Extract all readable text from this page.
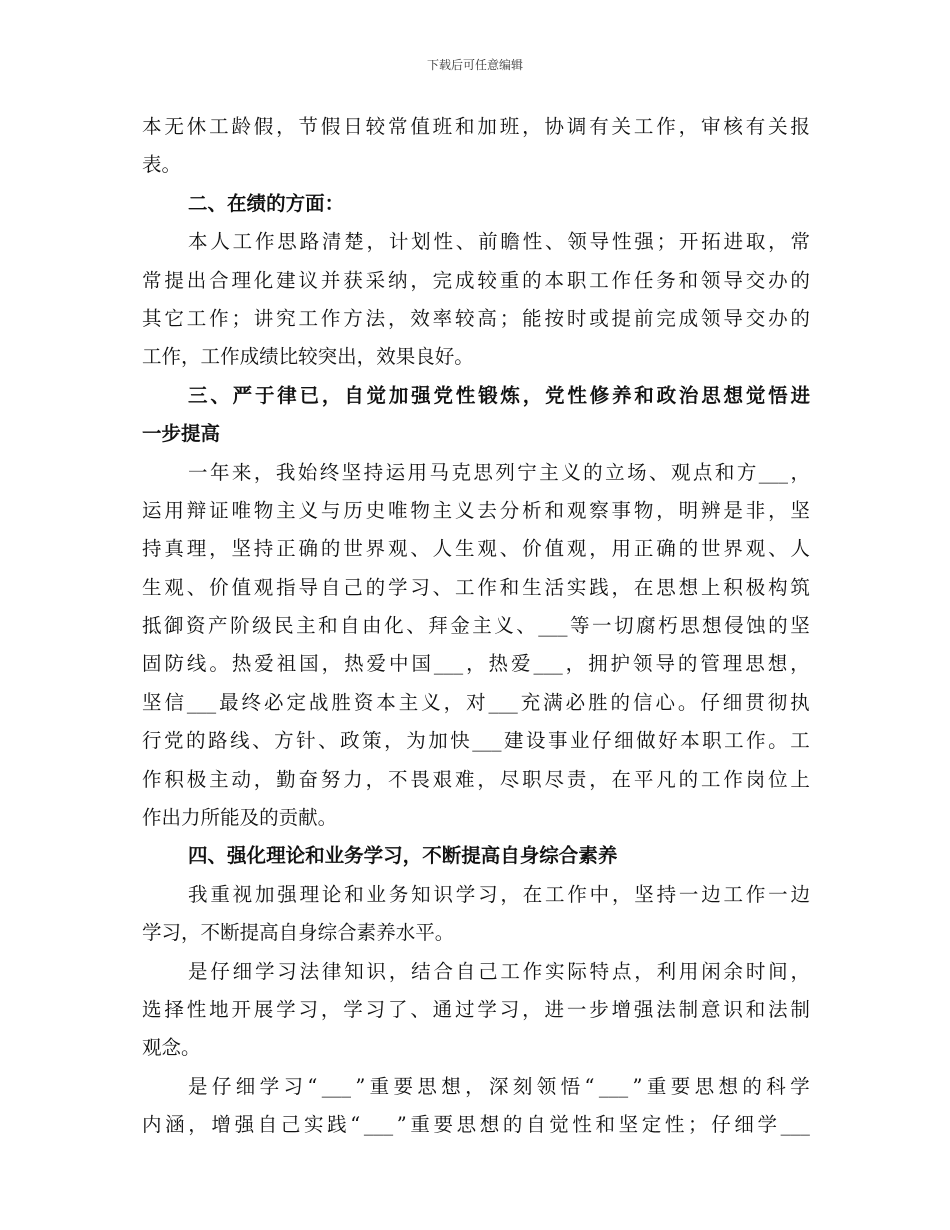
下载后可任意编辑
本 无 休 工 龄 假 ， 节 假 日 较 常 值 班 和 加 班 ， 协 调 有 关 工 作 ， 审 核 有 关 报
表 。
二 、 在 绩 的 方 面 ：
本 人 工 作 思 路 清 楚 ， 计 划 性 、 前 瞻 性 、 领 导 性 强 ； 开 拓 进 取 ， 常
常 提 出 合 理 化 建 议 并 获 采 纳 ， 完 成 较 重 的 本 职 工 作 任 务 和 领 导 交 办 的
其 它 工 作 ； 讲 究 工 作 方 法 ， 效 率 较 高 ； 能 按 时 或 提 前 完 成 领 导 交 办 的
工 作 ， 工 作 成 绩 比 较 突 出 ， 效 果 良 好 。
三 、 严 于 律 已 ， 自 觉 加 强 党 性 锻 炼 ， 党 性 修 养 和 政 治 思 想 觉 悟 进
一 步 提 高
一 年 来 ， 我 始 终 坚 持 运 用 马 克 思 列 宁 主 义 的 立 场 、 观 点 和 方 ___ ，
运 用 辩 证 唯 物 主 义 与 历 史 唯 物 主 义 去 分 析 和 观 察 事 物 ， 明 辨 是 非 ， 坚
持 真 理 ， 坚 持 正 确 的 世 界 观 、 人 生 观 、 价 值 观 ， 用 正 确 的 世 界 观 、 人
生 观 、 价 值 观 指 导 自 己 的 学 习 、 工 作 和 生 活 实 践 ， 在 思 想 上 积 极 构 筑
抵 御 资 产 阶 级 民 主 和 自 由 化 、 拜 金 主 义 、 ___ 等 一 切 腐 朽 思 想 侵 蚀 的 坚
固 防 线 。 热 爱 祖 国 ， 热 爱 中 国 ___ ， 热 爱 ___ ， 拥 护 领 导 的 管 理 思 想 ，
坚 信 ___ 最 终 必 定 战 胜 资 本 主 义 ， 对 ___ 充 满 必 胜 的 信 心 。 仔 细 贯 彻 执
行 党 的 路 线 、 方 针 、 政 策 ， 为 加 快 ___ 建 设 事 业 仔 细 做 好 本 职 工 作 。 工
作 积 极 主 动 ， 勤 奋 努 力 ， 不 畏 艰 难 ， 尽 职 尽 责 ， 在 平 凡 的 工 作 岗 位 上
作 出 力 所 能 及 的 贡 献 。
四 、 强 化 理 论 和 业 务 学 习 ， 不 断 提 高 自 身 综 合 素 养
我 重 视 加 强 理 论 和 业 务 知 识 学 习 ， 在 工 作 中 ， 坚 持 一 边 工 作 一 边
学 习 ， 不 断 提 高 自 身 综 合 素 养 水 平 。
是 仔 细 学 习 法 律 知 识 ， 结 合 自 己 工 作 实 际 特 点 ， 利 用 闲 余 时 间 ，
选 择 性 地 开 展 学 习 ， 学 习 了 、 通 过 学 习 ， 进 一 步 增 强 法 制 意 识 和 法 制
观 念 。
是 仔 细 学 习 “ ___ ” 重 要 思 想 ， 深 刻 领 悟 “ ___ ” 重 要 思 想 的 科 学
内 涵 ， 增 强 自 己 实 践 “ ___ ” 重 要 思 想 的 自 觉 性 和 坚 定 性 ； 仔 细 学 ___
